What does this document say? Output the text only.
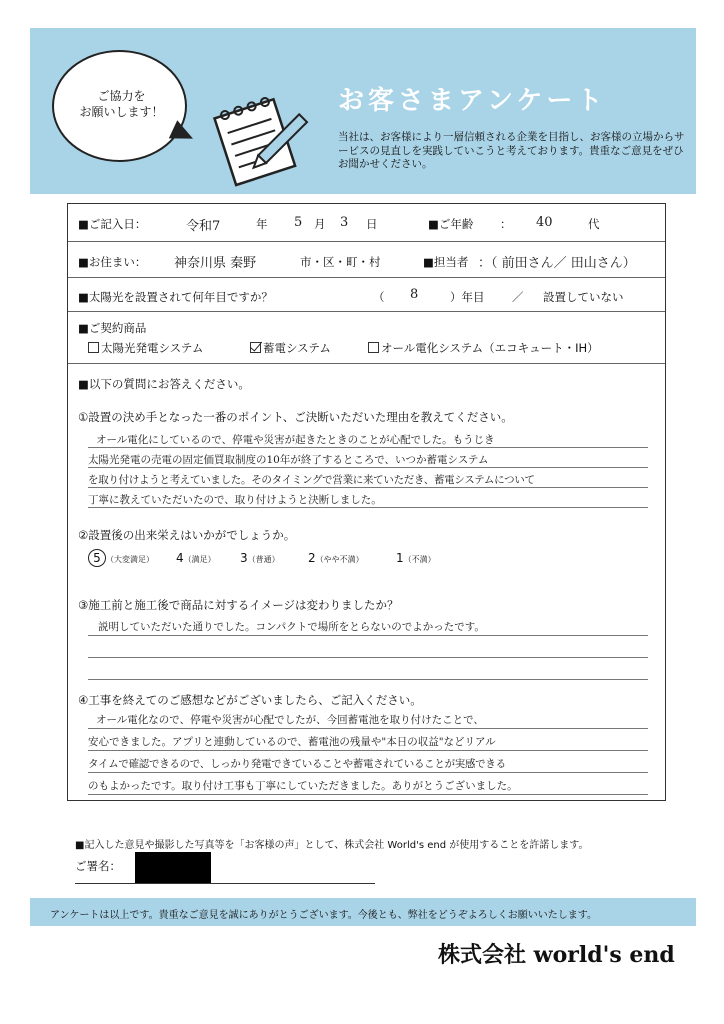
ご協力を
お願いします！	お客さまアンケート
当社は、お客様により一層信頼される企業を目指し、お客様の立場からサービスの見直しを実践していこうと考えております。貴重なご意見をぜひお聞かせください。
■ご記入日：	令和7	年 5 月 3 日	■ご年齢 ： 40	代
■お住まい： 神奈川県 秦野	市・区・町・村	■担当者 ：（ 前田さん／ 田山さん）
■太陽光を設置されて何年目ですか？	（ 8	）年目 ／ 設置していない
■ご契約商品
太陽光発電システム	蓄電システム	オール電化システム（エコキュート・IH）
■以下の質問にお答えください。
①設置の決め手となった一番のポイント、ご決断いただいた理由を教えてください。
オール電化にしているので、停電や災害が起きたときのことが心配でした。もうじき
太陽光発電の売電の固定価買取制度の10年が終了するところで、いつか蓄電システム
を取り付けようと考えていました。そのタイミングで営業に来ていただき、蓄電システムについて
丁寧に教えていただいたので、取り付けようと決断しました。
②設置後の出来栄えはいかがでしょうか。
5 （大変満足） 4（満足） 3（普通） 2（やや不満）	1（不満）
③施工前と施工後で商品に対するイメージは変わりましたか？
説明していただいた通りでした。コンパクトで場所をとらないのでよかったです。
④工事を終えてのご感想などがございましたら、ご記入ください。
オール電化なので、停電や災害が心配でしたが、今回蓄電池を取り付けたことで、
安心できました。アプリと連動しているので、蓄電池の残量や"本日の収益"などリアル
タイムで確認できるので、しっかり発電できていることや蓄電されていることが実感できる
のもよかったです。取り付け工事も丁寧にしていただきました。ありがとうございました。
■記入した意見や撮影した写真等を「お客様の声」として、株式会社 World's end が使用することを許諾します。
ご署名：
アンケートは以上です。貴重なご意見を誠にありがとうございます。今後とも、弊社をどうぞよろしくお願いいたします。
株式会社 world's end
